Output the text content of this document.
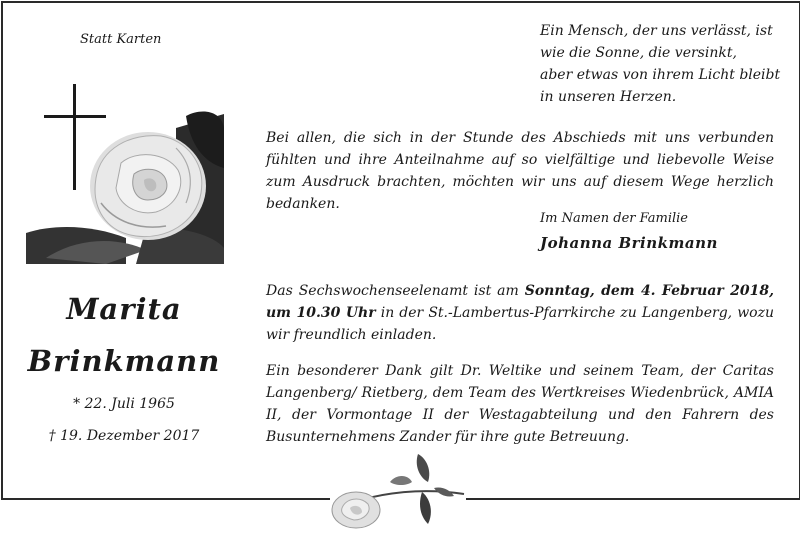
Statt Karten
Marita
Brinkmann
* 22. Juli 1965
† 19. Dezember 2017
Ein Mensch, der uns verlässt, ist
wie die Sonne, die versinkt,
aber etwas von ihrem Licht bleibt
in unseren Herzen.
Bei allen, die sich in der Stunde des Abschieds mit uns verbunden fühlten und ihre Anteilnahme auf so vielfältige und liebevolle Weise zum Ausdruck brachten, möchten wir uns auf diesem Wege herzlich bedanken.
Im Namen der Familie
Johanna Brinkmann
Das Sechswochenseelenamt ist am Sonntag, dem 4. Februar 2018, um 10.30 Uhr in der St.-Lambertus-Pfarrkirche zu Langenberg, wozu wir freundlich einladen.
Ein besonderer Dank gilt Dr. Weltike und seinem Team, der Caritas Langenberg/ Rietberg, dem Team des Wertkreises Wiedenbrück, AMIA II, der Vormontage II der Westagabteilung und den Fahrern des Busunternehmens Zander für ihre gute Betreuung.
